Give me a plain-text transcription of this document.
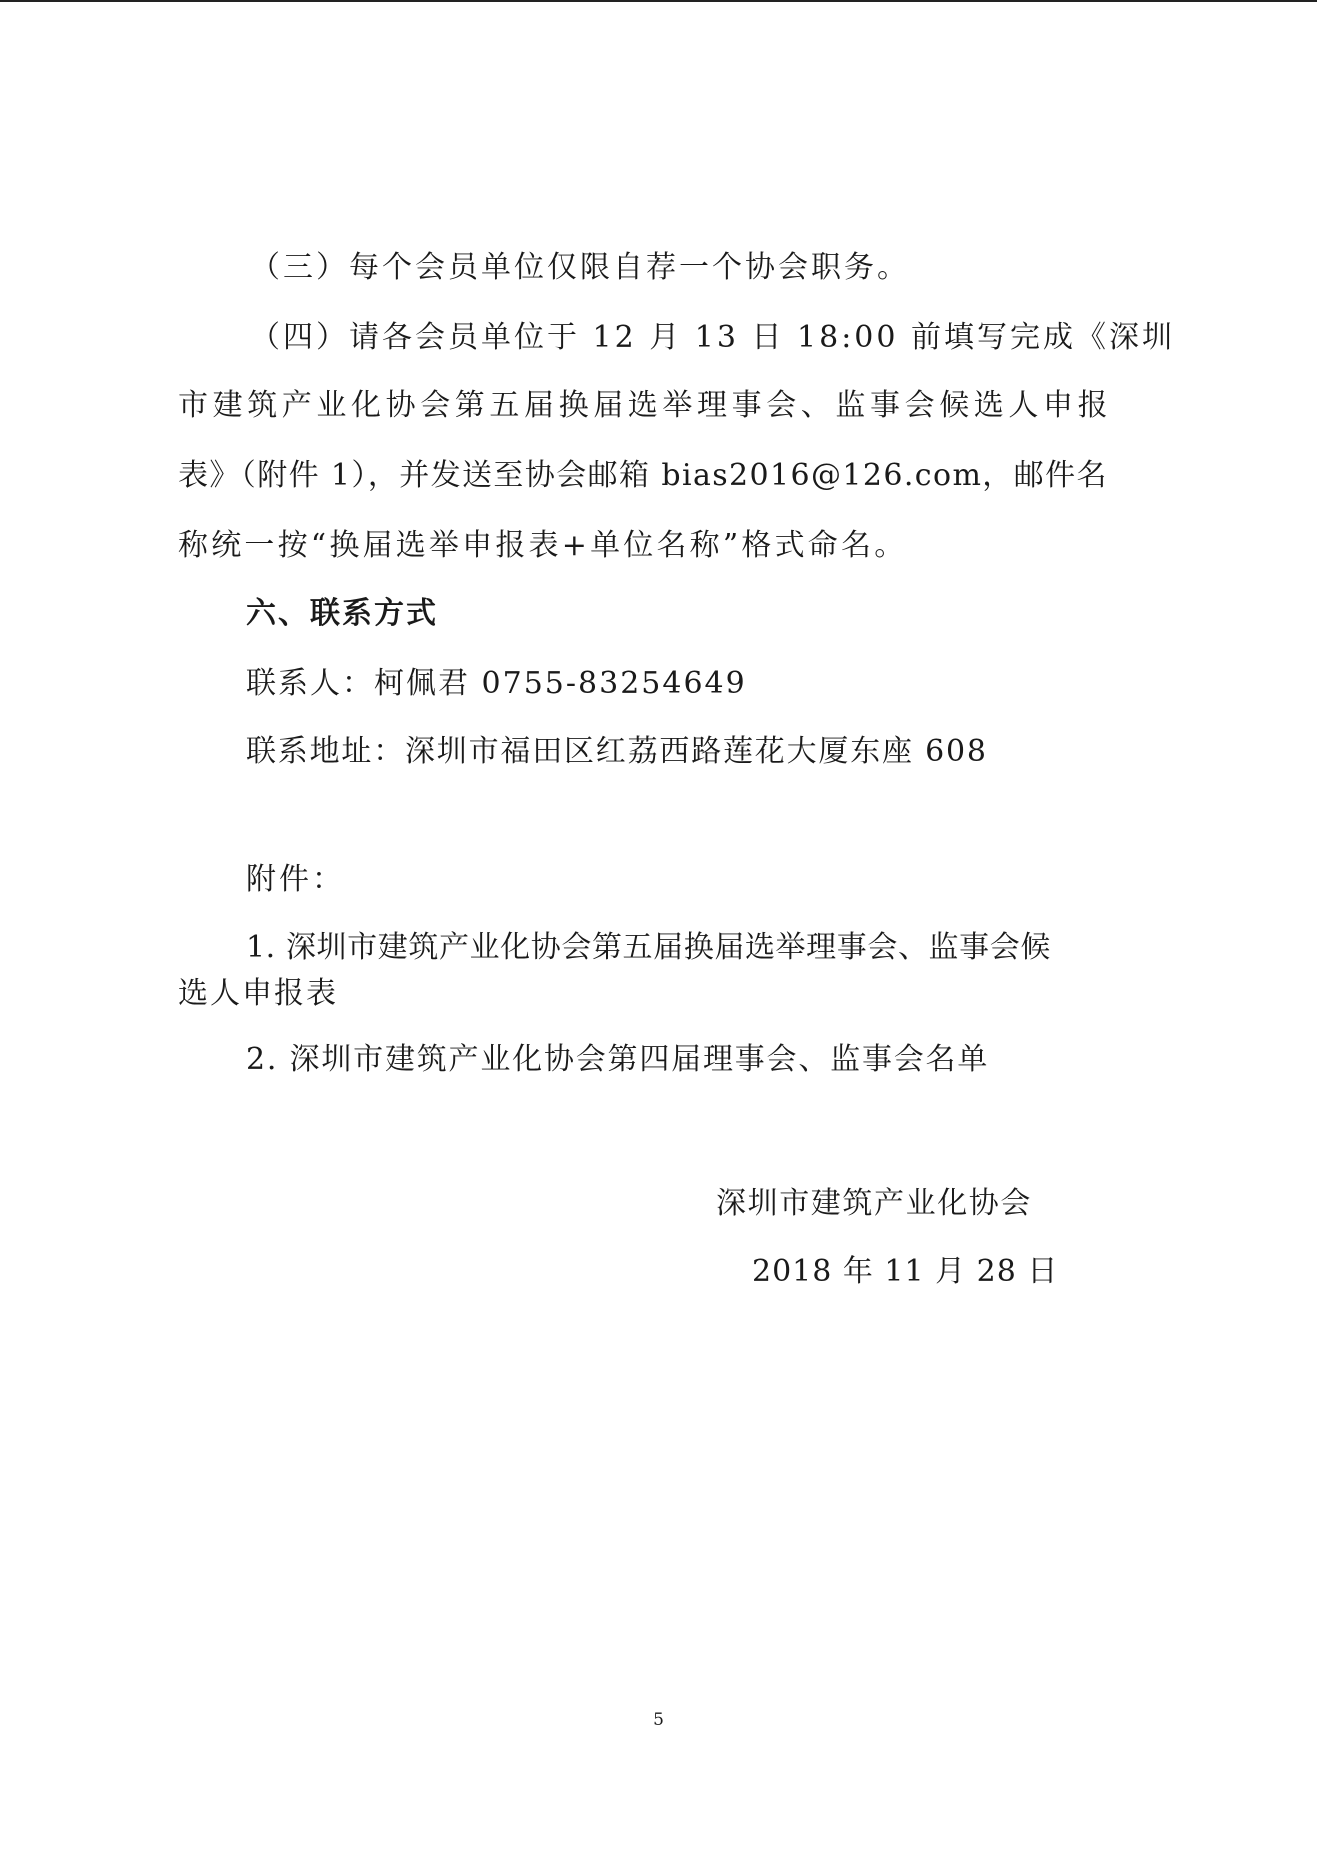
（三）每个会员单位仅限自荐一个协会职务。
（四）请各会员单位于 12 月 13 日 18:00 前填写完成《深圳
市建筑产业化协会第五届换届选举理事会、监事会候选人申报
表》（附件 1），并发送至协会邮箱 bias2016@126.com，邮件名
称统一按“换届选举申报表+单位名称”格式命名。
六、联系方式
联系人：柯佩君 0755-83254649
联系地址：深圳市福田区红荔西路莲花大厦东座 608
附件：
1. 深圳市建筑产业化协会第五届换届选举理事会、监事会候
选人申报表
2. 深圳市建筑产业化协会第四届理事会、监事会名单
深圳市建筑产业化协会
2018 年 11 月 28 日
5
